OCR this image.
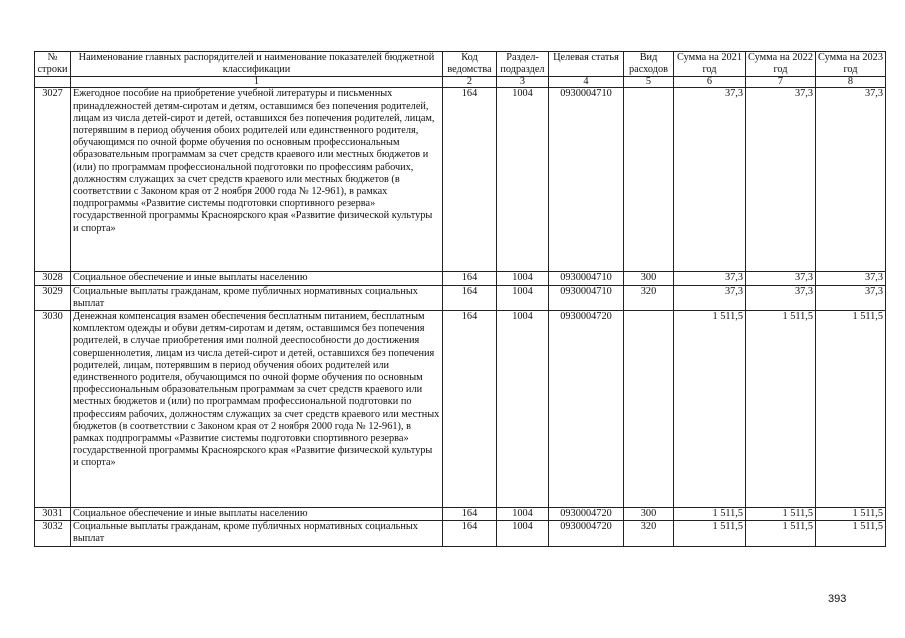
№ строки	Наименование главных распорядителей и наименование показателей бюджетной классификации	Код ведомства	Раздел-подраздел	Целевая статья	Вид расходов	Сумма на 2021 год	Сумма на 2022 год	Сумма на 2023 год
	1	2	3	4	5	6	7	8
3027	Ежегодное пособие на приобретение учебной литературы и письменных принадлежностей детям-сиротам и детям, оставшимся без попечения родителей, лицам из числа детей-сирот и детей, оставшихся без попечения родителей, лицам, потерявшим в период обучения обоих родителей или единственного родителя, обучающимся по очной форме обучения по основным профессиональным образовательным программам за счет средств краевого или местных бюджетов и (или) по программам профессиональной подготовки по профессиям рабочих, должностям служащих за счет средств краевого или местных бюджетов (в соответствии с Законом края от 2 ноября 2000 года № 12-961), в рамках подпрограммы «Развитие системы подготовки спортивного резерва» государственной программы Красноярского края «Развитие физической культуры и спорта»	164	1004	0930004710		37,3	37,3	37,3
3028	Социальное обеспечение и иные выплаты населению	164	1004	0930004710	300	37,3	37,3	37,3
3029	Социальные выплаты гражданам, кроме публичных нормативных социальных выплат	164	1004	0930004710	320	37,3	37,3	37,3
3030	Денежная компенсация взамен обеспечения бесплатным питанием, бесплатным комплектом одежды и обуви детям-сиротам и детям, оставшимся без попечения родителей, в случае приобретения ими полной дееспособности до достижения совершеннолетия, лицам из числа детей-сирот и детей, оставшихся без попечения родителей, лицам, потерявшим в период обучения обоих родителей или единственного родителя, обучающимся по очной форме обучения по основным профессиональным образовательным программам за счет средств краевого или местных бюджетов и (или) по программам профессиональной подготовки по профессиям рабочих, должностям служащих за счет средств краевого или местных бюджетов (в соответствии с Законом края от 2 ноября 2000 года № 12-961), в рамках подпрограммы «Развитие системы подготовки спортивного резерва» государственной программы Красноярского края «Развитие физической культуры и спорта»	164	1004	0930004720		1 511,5	1 511,5	1 511,5
3031	Социальное обеспечение и иные выплаты населению	164	1004	0930004720	300	1 511,5	1 511,5	1 511,5
3032	Социальные выплаты гражданам, кроме публичных нормативных социальных выплат	164	1004	0930004720	320	1 511,5	1 511,5	1 511,5
393
